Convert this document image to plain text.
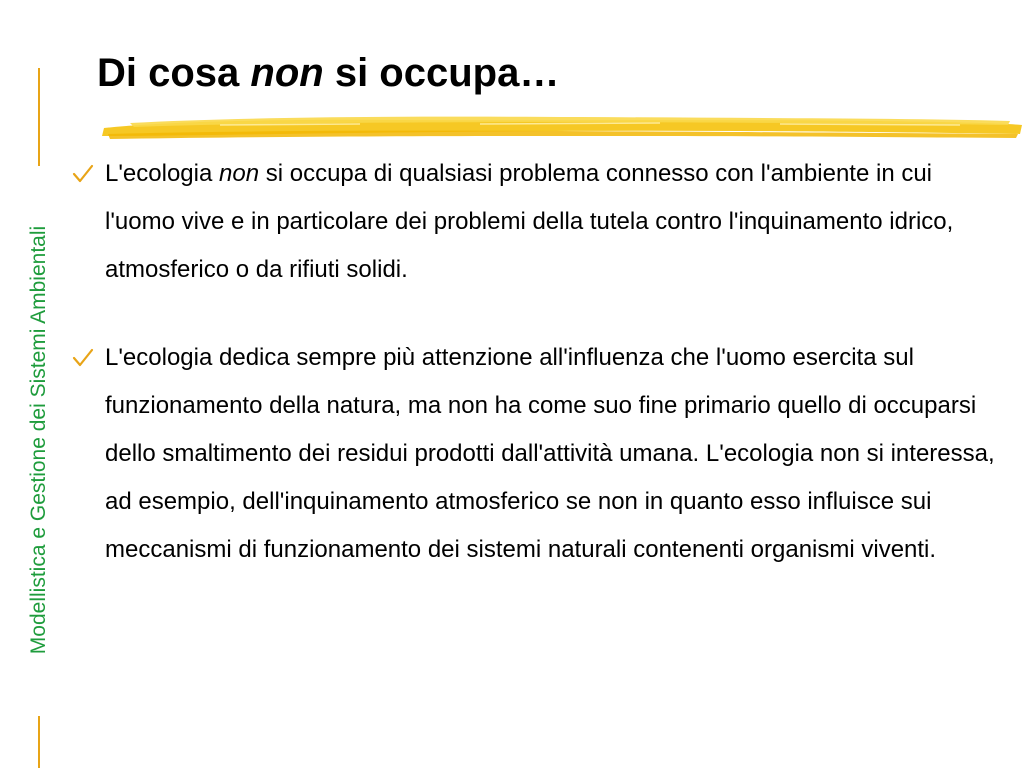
Modellistica e Gestione dei Sistemi Ambientali
Di cosa non si occupa…
L'ecologia non si occupa di qualsiasi problema connesso con l'ambiente in cui l'uomo vive e in particolare dei problemi della tutela contro l'inquinamento idrico, atmosferico o da rifiuti solidi.
L'ecologia dedica sempre più attenzione all'influenza che l'uomo esercita sul funzionamento della natura, ma non ha come suo fine primario quello di occuparsi dello smaltimento dei residui prodotti dall'attività umana. L'ecologia non si interessa, ad esempio, dell'inquinamento atmosferico se non in quanto esso influisce sui meccanismi di funzionamento dei sistemi naturali contenenti organismi viventi.
